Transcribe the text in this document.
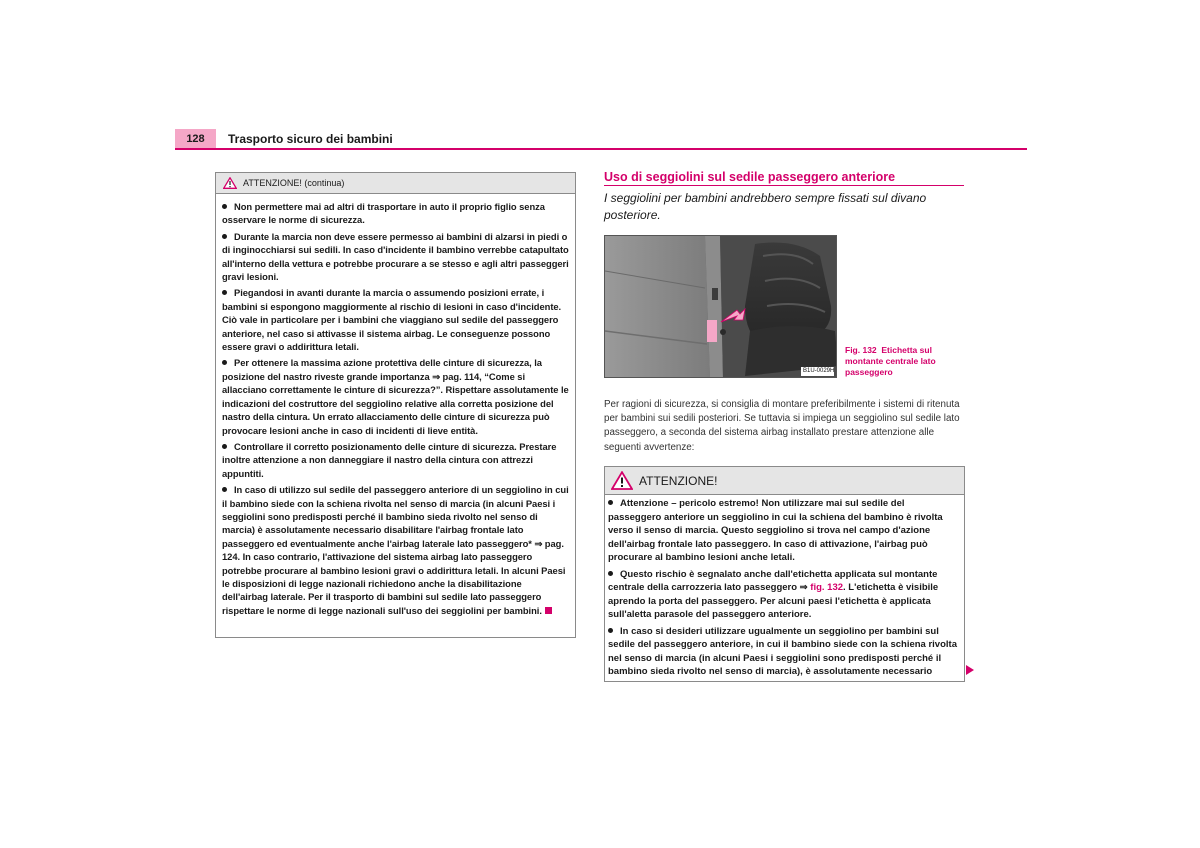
128	Trasporto sicuro dei bambini
ATTENZIONE! (continua)

Non permettere mai ad altri di trasportare in auto il proprio figlio senza osservare le norme di sicurezza.

Durante la marcia non deve essere permesso ai bambini di alzarsi in piedi o di inginocchiarsi sui sedili. In caso d'incidente il bambino verrebbe catapultato all'interno della vettura e potrebbe procurare a se stesso e agli altri passeggeri gravi lesioni.

Piegandosi in avanti durante la marcia o assumendo posizioni errate, i bambini si espongono maggiormente al rischio di lesioni in caso d'incidente. Ciò vale in particolare per i bambini che viaggiano sul sedile del passeggero anteriore, nel caso si attivasse il sistema airbag. Le conseguenze possono essere gravi o addirittura letali.

Per ottenere la massima azione protettiva delle cinture di sicurezza, la posizione del nastro riveste grande importanza ⇒ pag. 114, “Come si allacciano correttamente le cinture di sicurezza?”. Rispettare assolutamente le indicazioni del costruttore del seggiolino relative alla corretta posizione del nastro della cintura. Un errato allacciamento delle cinture di sicurezza può provocare lesioni anche in caso di incidenti di lieve entità.

Controllare il corretto posizionamento delle cinture di sicurezza. Prestare inoltre attenzione a non danneggiare il nastro della cintura con attrezzi appuntiti.

In caso di utilizzo sul sedile del passeggero anteriore di un seggiolino in cui il bambino siede con la schiena rivolta nel senso di marcia (in alcuni Paesi i seggiolini sono predisposti perché il bambino sieda rivolto nel senso di marcia) è assolutamente necessario disabilitare l'airbag frontale lato passeggero ed eventualmente anche l'airbag laterale lato passeggero* ⇒ pag. 124. In caso contrario, l'attivazione del sistema airbag lato passeggero potrebbe procurare al bambino lesioni gravi o addirittura letali. In alcuni Paesi le disposizioni di legge nazionali richiedono anche la disabilitazione dell'airbag laterale. Per il trasporto di bambini sul sedile lato passeggero rispettare le norme di legge nazionali sull'uso dei seggiolini per bambini.

Uso di seggiolini sul sedile passeggero anteriore
I seggiolini per bambini andrebbero sempre fissati sul divano posteriore.
B1U-0029H
Fig. 132 Etichetta sul montante centrale lato passeggero
Per ragioni di sicurezza, si consiglia di montare preferibilmente i sistemi di ritenuta per bambini sui sedili posteriori. Se tuttavia si impiega un seggiolino sul sedile lato passeggero, a seconda del sistema airbag installato prestare attenzione alle seguenti avvertenze:
ATTENZIONE!

Attenzione – pericolo estremo! Non utilizzare mai sul sedile del passeggero anteriore un seggiolino in cui la schiena del bambino è rivolta verso il senso di marcia. Questo seggiolino si trova nel campo d'azione dell'airbag frontale lato passeggero. In caso di attivazione, l'airbag può procurare al bambino lesioni anche letali.

Questo rischio è segnalato anche dall'etichetta applicata sul montante centrale della carrozzeria lato passeggero ⇒ fig. 132. L'etichetta è visibile aprendo la porta del passeggero. Per alcuni paesi l'etichetta è applicata sull'aletta parasole del passeggero anteriore.

In caso si desideri utilizzare ugualmente un seggiolino per bambini sul sedile del passeggero anteriore, in cui il bambino siede con la schiena rivolta nel senso di marcia (in alcuni Paesi i seggiolini sono predisposti perché il bambino sieda rivolto nel senso di marcia), è assolutamente necessario
